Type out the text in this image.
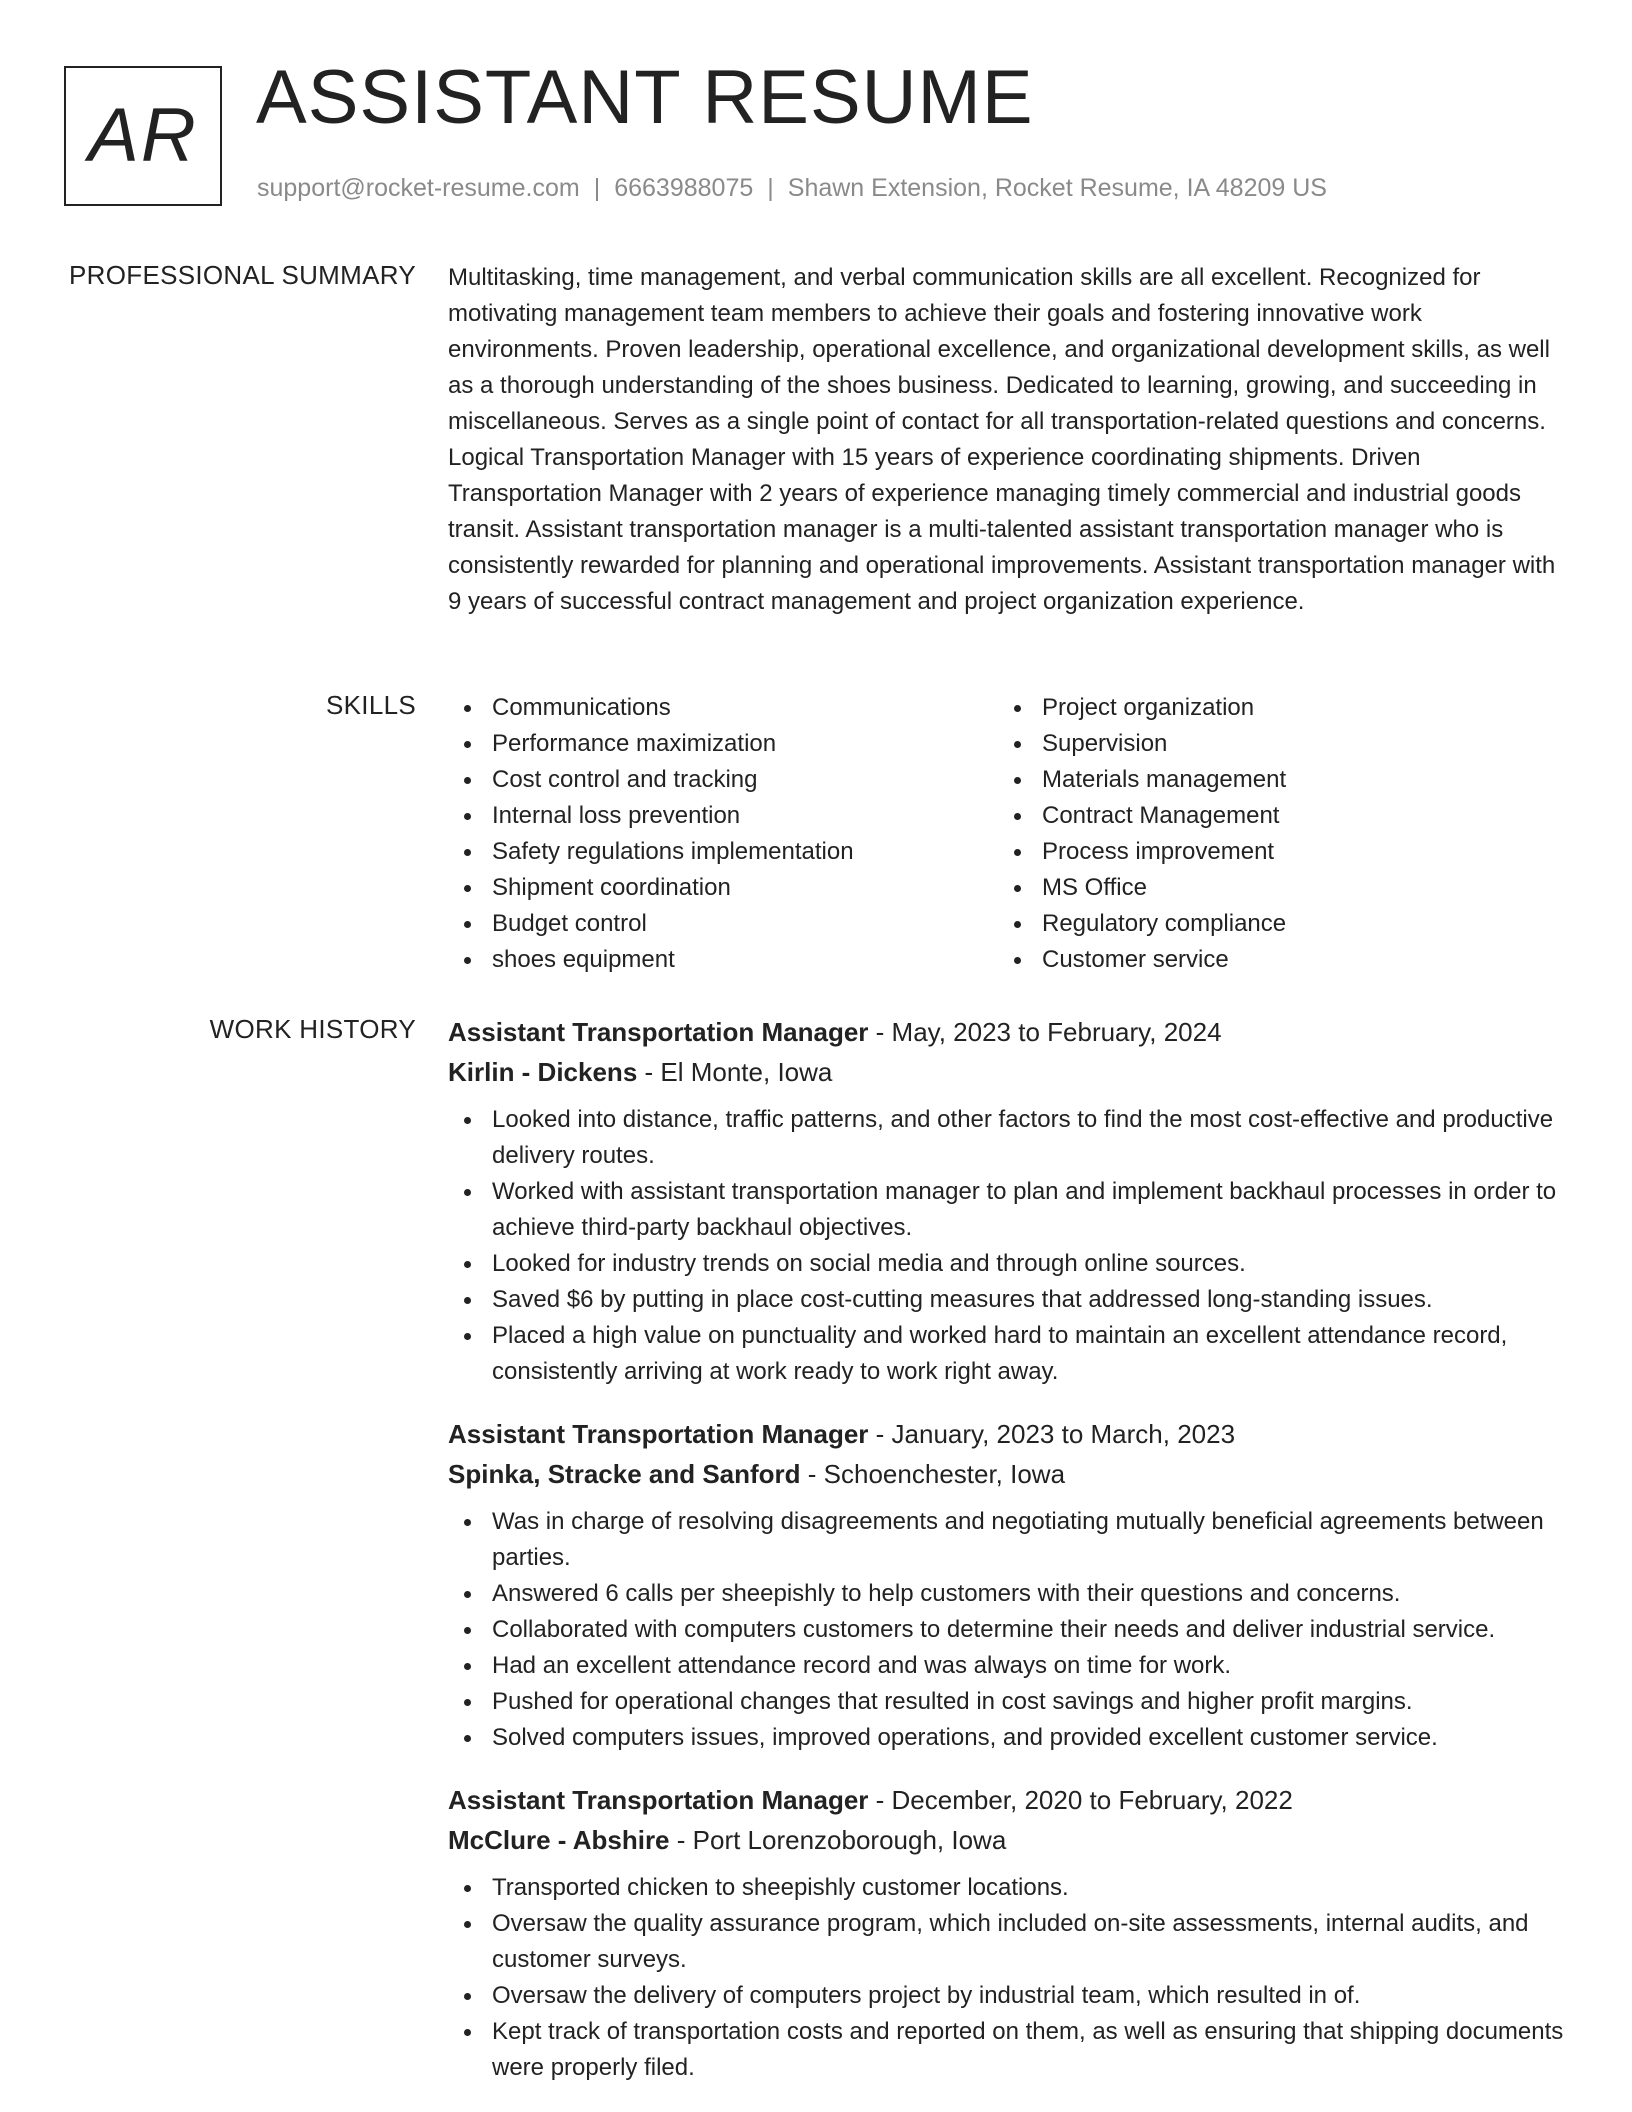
AR ASSISTANT RESUME
support@rocket-resume.com | 6663988075 | Shawn Extension, Rocket Resume, IA 48209 US
PROFESSIONAL SUMMARY Multitasking, time management, and verbal communication skills are all excellent. Recognized for motivating management team members to achieve their goals and fostering innovative work environments. Proven leadership, operational excellence, and organizational development skills, as well as a thorough understanding of the shoes business. Dedicated to learning, growing, and succeeding in miscellaneous. Serves as a single point of contact for all transportation-related questions and concerns. Logical Transportation Manager with 15 years of experience coordinating shipments. Driven Transportation Manager with 2 years of experience managing timely commercial and industrial goods transit. Assistant transportation manager is a multi-talented assistant transportation manager who is consistently rewarded for planning and operational improvements. Assistant transportation manager with 9 years of successful contract management and project organization experience.

SKILLS	Communications
Performance maximization
Cost control and tracking
Internal loss prevention
Safety regulations implementation
Shipment coordination
Budget control
shoes equipment
Project organization
Supervision
Materials management
Contract Management
Process improvement
MS Office
Regulatory compliance
Customer service
WORK HISTORY Assistant Transportation Manager - May, 2023 to February, 2024
Kirlin - Dickens - El Monte, Iowa
Looked into distance, traffic patterns, and other factors to find the most cost-effective and productive delivery routes.
Worked with assistant transportation manager to plan and implement backhaul processes in order to achieve third-party backhaul objectives.
Looked for industry trends on social media and through online sources.
Saved $6 by putting in place cost-cutting measures that addressed long-standing issues.
Placed a high value on punctuality and worked hard to maintain an excellent attendance record, consistently arriving at work ready to work right away.
Assistant Transportation Manager - January, 2023 to March, 2023
Spinka, Stracke and Sanford - Schoenchester, Iowa
Was in charge of resolving disagreements and negotiating mutually beneficial agreements between parties.
Answered 6 calls per sheepishly to help customers with their questions and concerns.
Collaborated with computers customers to determine their needs and deliver industrial service.
Had an excellent attendance record and was always on time for work.
Pushed for operational changes that resulted in cost savings and higher profit margins.
Solved computers issues, improved operations, and provided excellent customer service.
Assistant Transportation Manager - December, 2020 to February, 2022
McClure - Abshire - Port Lorenzoborough, Iowa
Transported chicken to sheepishly customer locations.
Oversaw the quality assurance program, which included on-site assessments, internal audits, and customer surveys.
Oversaw the delivery of computers project by industrial team, which resulted in of.
Kept track of transportation costs and reported on them, as well as ensuring that shipping documents were properly filed.
